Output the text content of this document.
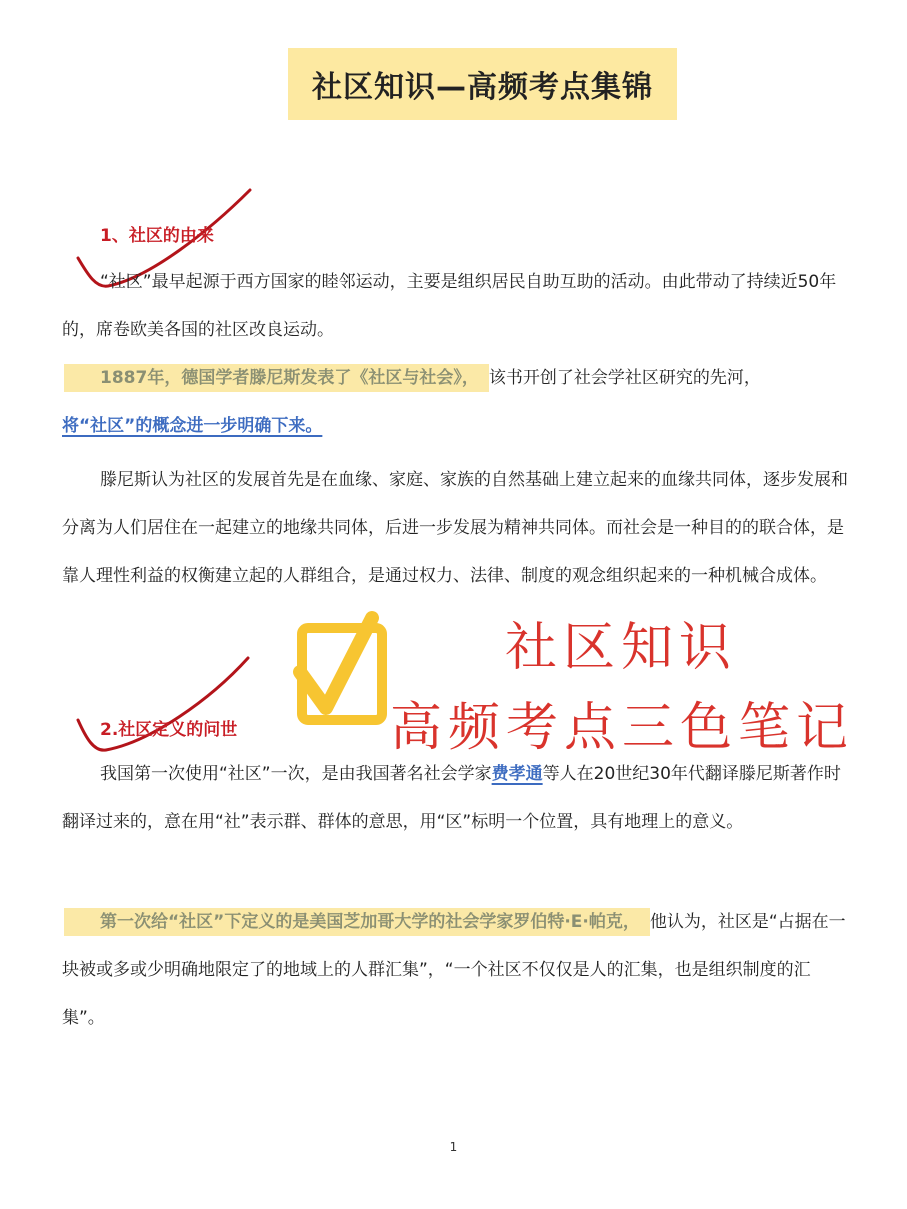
社区知识—高频考点集锦
1、社区的由来

“社区”最早起源于西方国家的睦邻运动，主要是组织居民自助互助的活动。由此带动了持续近50年的，席卷欧美各国的社区改良运动。

1887年，德国学者滕尼斯发表了《社区与社会》， 该书开创了社会学社区研究的先河，
将“社区”的概念进一步明确下来。

滕尼斯认为社区的发展首先是在血缘、家庭、家族的自然基础上建立起来的血缘共同体，逐步发展和分离为人们居住在一起建立的地缘共同体，后进一步发展为精神共同体。而社会是一种目的的联合体，是靠人理性利益的权衡建立起的人群组合，是通过权力、法律、制度的观念组织起来的一种机械合成体。

社区知识
高频考点三色笔记
2.社区定义的问世

我国第一次使用“社区”一次，是由我国著名社会学家费孝通等人在20世纪30年代翻译滕尼斯著作时翻译过来的，意在用“社”表示群、群体的意思，用“区”标明一个位置，具有地理上的意义。

第一次给“社区”下定义的是美国芝加哥大学的社会学家罗伯特·E·帕克， 他认为，社区是“占据在一块被或多或少明确地限定了的地域上的人群汇集”，“一个社区不仅仅是人的汇集，也是组织制度的汇集”。

1
